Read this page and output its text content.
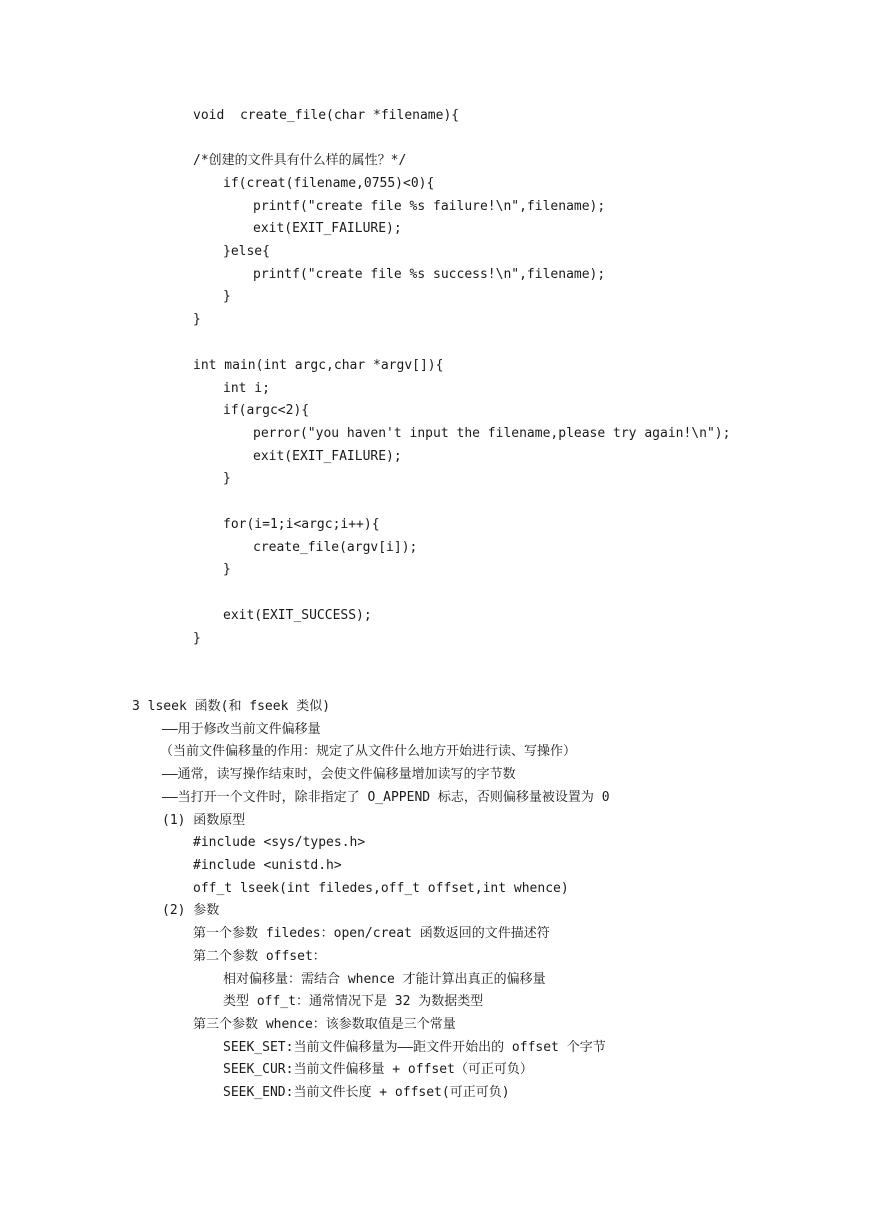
void  create_file(char *filename){
/*创建的文件具有什么样的属性？*/
if(creat(filename,0755)<0){
printf("create file %s failure!\n",filename);
exit(EXIT_FAILURE);
}else{
printf("create file %s success!\n",filename);
}
}
int main(int argc,char *argv[]){
int i;
if(argc<2){
perror("you haven't input the filename,please try again!\n");
exit(EXIT_FAILURE);
}
for(i=1;i<argc;i++){
create_file(argv[i]);
}
exit(EXIT_SUCCESS);
}
3 lseek 函数(和 fseek 类似)
——用于修改当前文件偏移量
（当前文件偏移量的作用：规定了从文件什么地方开始进行读、写操作）
——通常，读写操作结束时，会使文件偏移量增加读写的字节数
——当打开一个文件时，除非指定了 O_APPEND 标志，否则偏移量被设置为 0
(1) 函数原型
#include <sys/types.h>
#include <unistd.h>
off_t lseek(int filedes,off_t offset,int whence)
(2) 参数
第一个参数 filedes：open/creat 函数返回的文件描述符
第二个参数 offset：
相对偏移量：需结合 whence 才能计算出真正的偏移量
类型 off_t：通常情况下是 32 为数据类型
第三个参数 whence：该参数取值是三个常量
SEEK_SET:当前文件偏移量为——距文件开始出的 offset 个字节
SEEK_CUR:当前文件偏移量 + offset（可正可负）
SEEK_END:当前文件长度 + offset(可正可负)
